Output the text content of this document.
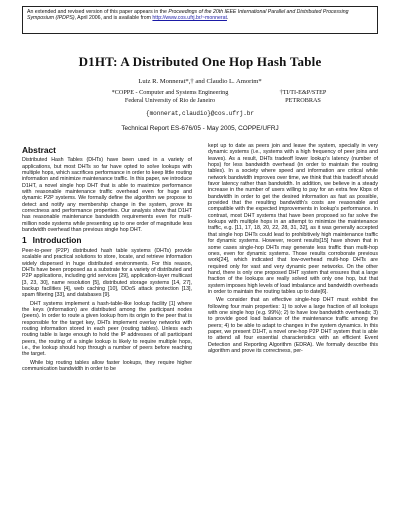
An extended and revised version of this paper appears in the Proceedings of the 20th IEEE International Parallel and Distributed Processing Symposium (IPDPS), April 2006, and is available from http://www.cos.ufrj.br/~monnerat.
D1HT: A Distributed One Hop Hash Table
Luiz R. Monnerat*,† and Claudio L. Amorim*
*COPPE - Computer and Systems Engineering
Federal University of Rio de Janeiro
†TI/TI-E&P/STEP
PETROBRAS
{monnerat,claudio}@cos.ufrj.br
Technical Report ES-676/05 - May 2005, COPPE/UFRJ
Abstract

Distributed Hash Tables (DHTs) have been used in a variety of applications, but most DHTs so far have opted to solve lookups with multiple hops, which sacrifices performance in order to keep little routing information and minimize maintenance traffic. In this paper, we introduce D1HT, a novel single hop DHT that is able to maximize performance with reasonable maintenance traffic overhead even for huge and dynamic P2P systems. We formally define the algorithm we propose to detect and notify any membership change in the system, prove its correctness and performance properties. Our analysis show that D1HT has reasonable maintenance bandwidth requirements even for multi-million node systems while presenting up to one order of magnitude less bandwidth overhead than previous single hop DHT.

1 Introduction

Peer-to-peer (P2P) distributed hash table systems (DHTs) provide scalable and practical solutions to store, locate, and retrieve information widely dispersed in huge distributed environments. For this reason, DHTs have been proposed as a substrate for a variety of distributed and P2P applications, including grid services [29], application-layer multicast [3, 23, 30], name resolution [5], distributed storage systems [14, 27], backup facilities [4], web caching [10], DDoS attack protection [13], spam filtering [33], and databases [9].

DHT systems implement a hash-table-like lookup facility [1] where the keys (information) are distributed among the participant nodes (peers). In order to route a given lookup from its origin to the peer that is responsible for the target key, DHTs implement overlay networks with routing information stored in each peer (routing tables). Unless each routing table is large enough to hold the IP addresses of all participant peers, the routing of a single lookup is likely to require multiple hops, i.e., the lookup should hop through a number of peers before reaching the target.

While big routing tables allow faster lookups, they require higher communication bandwidth in order to be

kept up to date as peers join and leave the system, specially in very dynamic systems (i.e., systems with a high frequency of peer joins and leaves). As a result, DHTs tradeoff lower lookup's latency (number of hops) for less bandwidth overhead (in order to maintain the routing tables). In a society where speed and information are critical while network bandwidth improves over time, we think that this tradeoff should favor latency rather than bandwidth. In addition, we believe in a steady increase in the number of users willing to pay for an extra few Kbps of bandwidth in order to get the desired information as fast as possible, provided that the resulting bandwidth's costs are reasonable and compatible with the expected improvements in lookup's performance. In contrast, most DHT systems that have been proposed so far solve the lookups with multiple hops in an attempt to minimize the maintenance traffic, e.g. [11, 17, 18, 20, 22, 28, 31, 32], as it was generally accepted that single hop DHTs could lead to prohibitively high maintenance traffic for dynamic systems. However, recent results[15] have shown that in some cases single-hop DHTs may generate less traffic than multi-hop ones, even for dynamic systems. Those results corroborate previous work[24], which indicated that low-overhead multi-hop DHTs are required only for vast and very dynamic peer networks. On the other hand, there is only one proposed DHT system that ensures that a large fraction of the lookups are really solved with only one hop, but that system imposes high levels of load imbalance and bandwidth overheads in order to maintain the routing tables up to date[6].

We consider that an effective single-hop DHT must exhibit the following four main properties: 1) to solve a large fraction of all lookups with one single hop (e.g. 99%); 2) to have low bandwidth overheads; 3) to provide good load balance of the maintenance traffic among the peers; 4) to be able to adapt to changes in the system dynamics. In this paper, we present D1HT, a novel one-hop P2P DHT system that is able to attend all four essential characteristics with an efficient Event Detection and Reporting Algorithm (EDRA). We formally describe this algorithm and prove its correctness, per-
